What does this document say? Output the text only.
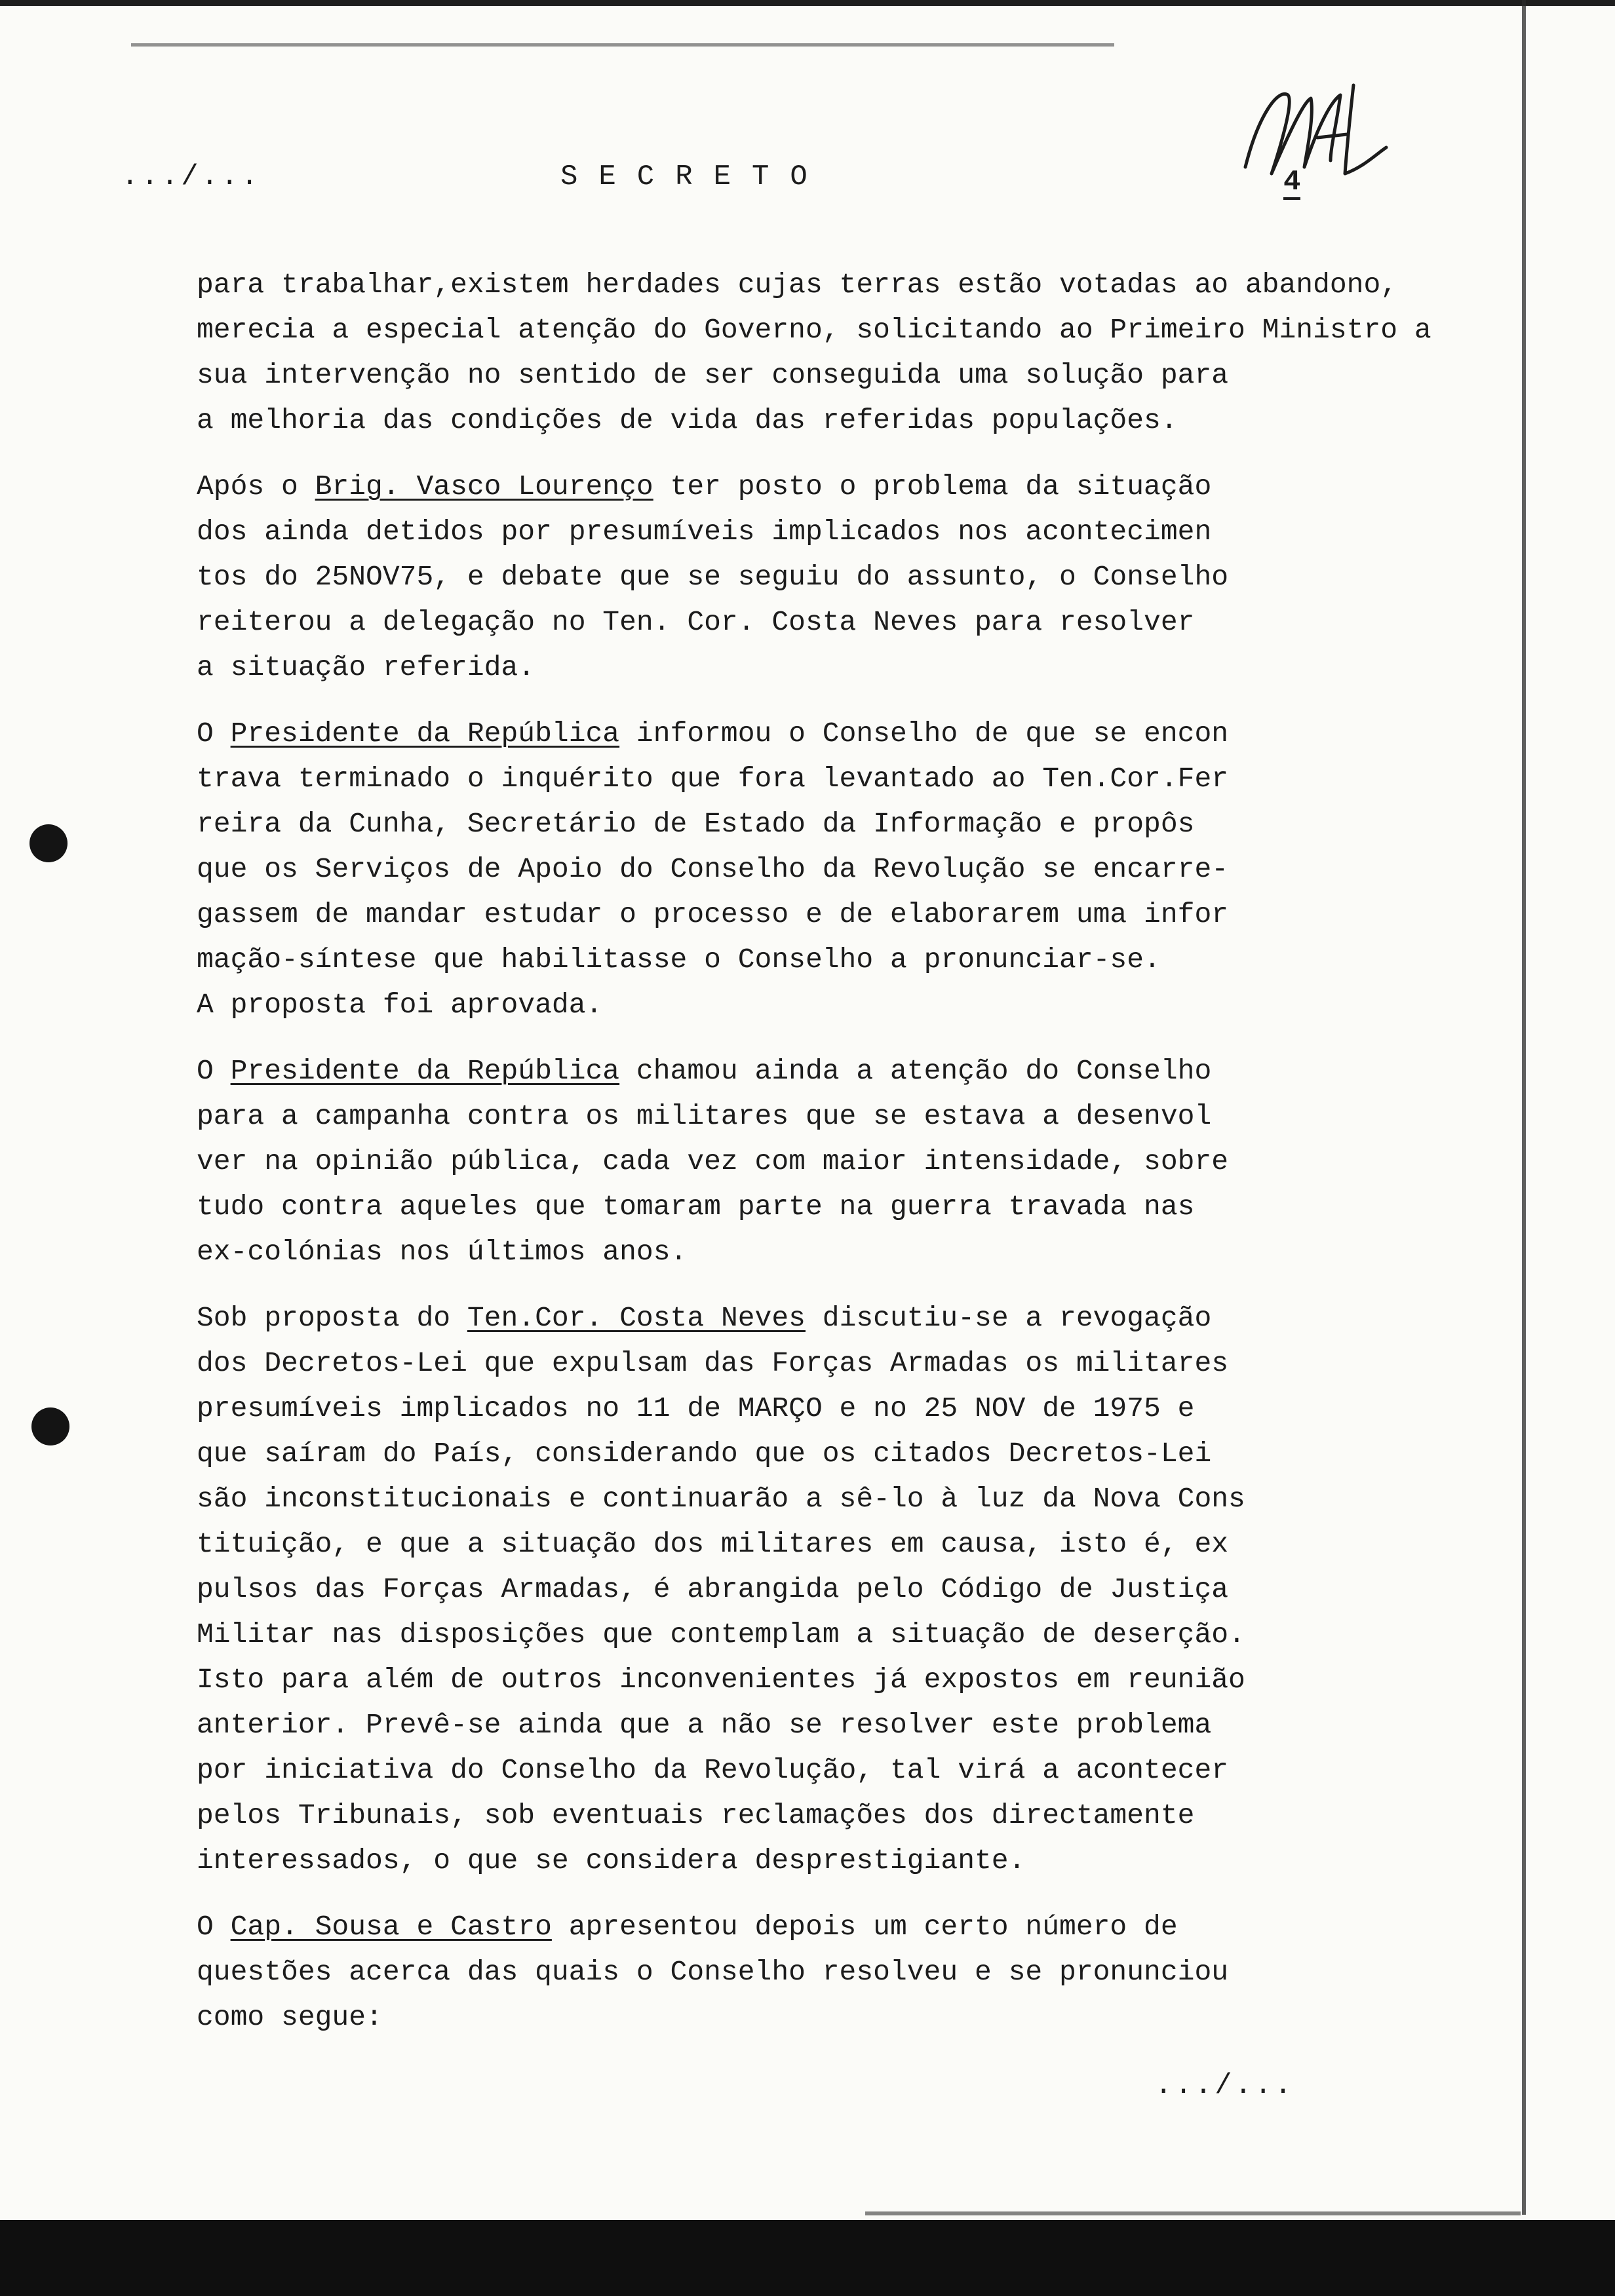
.../...	SECRETO	4

para trabalhar,existem herdades cujas terras estão votadas ao abandono,
merecia a especial atenção do Governo, solicitando ao Primeiro Ministro a
sua intervenção no sentido de ser conseguida uma solução para
a melhoria das condições de vida das referidas populações.

Após o Brig. Vasco Lourenço ter posto o problema da situação
dos ainda detidos por presumíveis implicados nos acontecimen
tos do 25NOV75, e debate que se seguiu do assunto, o Conselho
reiterou a delegação no Ten. Cor. Costa Neves para resolver
a situação referida.

O Presidente da República informou o Conselho de que se encon
trava terminado o inquérito que fora levantado ao Ten.Cor.Fer
reira da Cunha, Secretário de Estado da Informação e propôs
que os Serviços de Apoio do Conselho da Revolução se encarre-
gassem de mandar estudar o processo e de elaborarem uma infor
mação-síntese que habilitasse o Conselho a pronunciar-se.
A proposta foi aprovada.

O Presidente da República chamou ainda a atenção do Conselho
para a campanha contra os militares que se estava a desenvol
ver na opinião pública, cada vez com maior intensidade, sobre
tudo contra aqueles que tomaram parte na guerra travada nas
ex-colónias nos últimos anos.

Sob proposta do Ten.Cor. Costa Neves discutiu-se a revogação
dos Decretos-Lei que expulsam das Forças Armadas os militares
presumíveis implicados no 11 de MARÇO e no 25 NOV de 1975 e
que saíram do País, considerando que os citados Decretos-Lei
são inconstitucionais e continuarão a sê-lo à luz da Nova Cons
tituição, e que a situação dos militares em causa, isto é, ex
pulsos das Forças Armadas, é abrangida pelo Código de Justiça
Militar nas disposições que contemplam a situação de deserção.
Isto para além de outros inconvenientes já expostos em reunião
anterior. Prevê-se ainda que a não se resolver este problema
por iniciativa do Conselho da Revolução, tal virá a acontecer
pelos Tribunais, sob eventuais reclamações dos directamente
interessados, o que se considera desprestigiante.

O Cap. Sousa e Castro apresentou depois um certo número de
questões acerca das quais o Conselho resolveu e se pronunciou
como segue:

.../...
